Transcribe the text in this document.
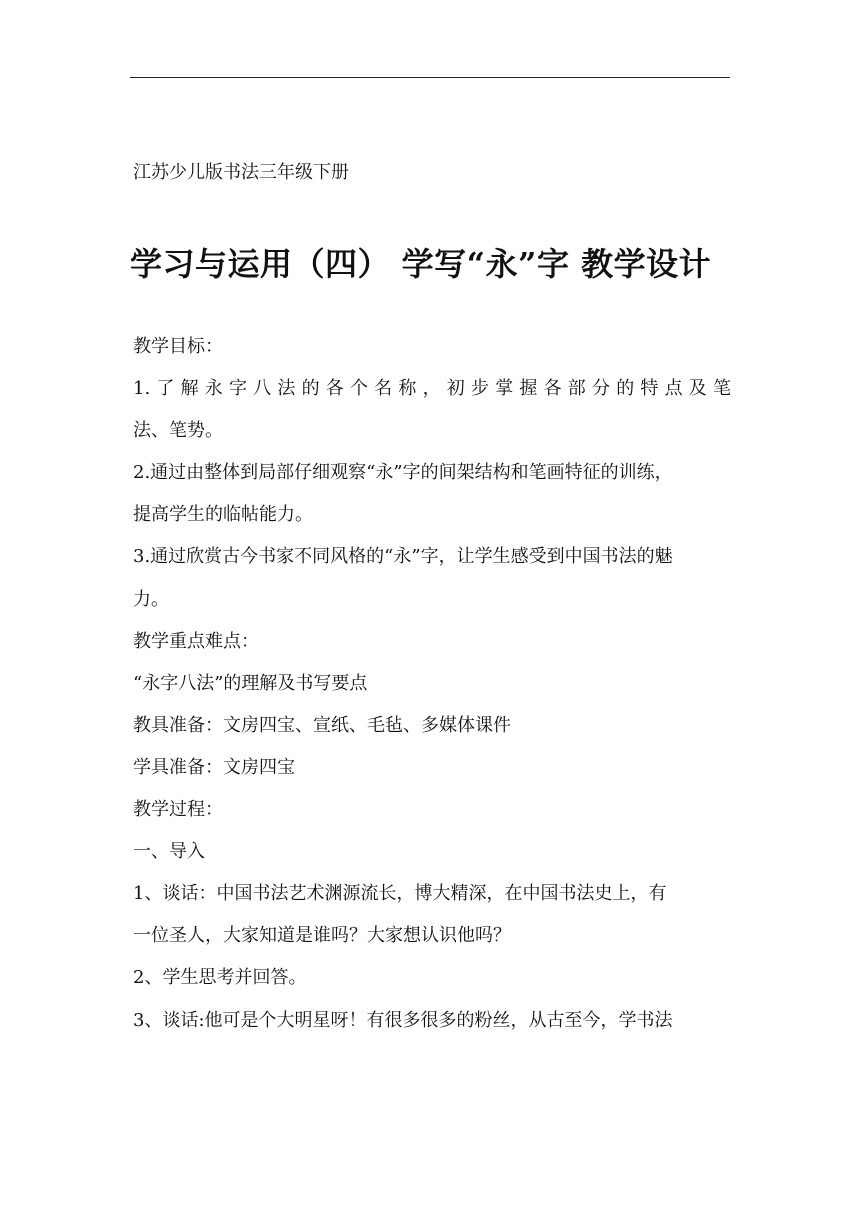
江苏少儿版书法三年级下册
学习与运用（四） 学写“永”字 教学设计

教学目标：

1.了解永字八法的各个名称，初步掌握各部分的特点及笔

法、笔势。

2.通过由整体到局部仔细观察“永”字的间架结构和笔画特征的训练，

提高学生的临帖能力。

3.通过欣赏古今书家不同风格的“永”字，让学生感受到中国书法的魅

力。

教学重点难点：

“永字八法”的理解及书写要点

教具准备：文房四宝、宣纸、毛毡、多媒体课件

学具准备：文房四宝

教学过程：

一、导入

1、谈话：中国书法艺术渊源流长，博大精深，在中国书法史上，有

一位圣人，大家知道是谁吗？大家想认识他吗？

2、学生思考并回答。

3、谈话:他可是个大明星呀！有很多很多的粉丝，从古至今，学书法
